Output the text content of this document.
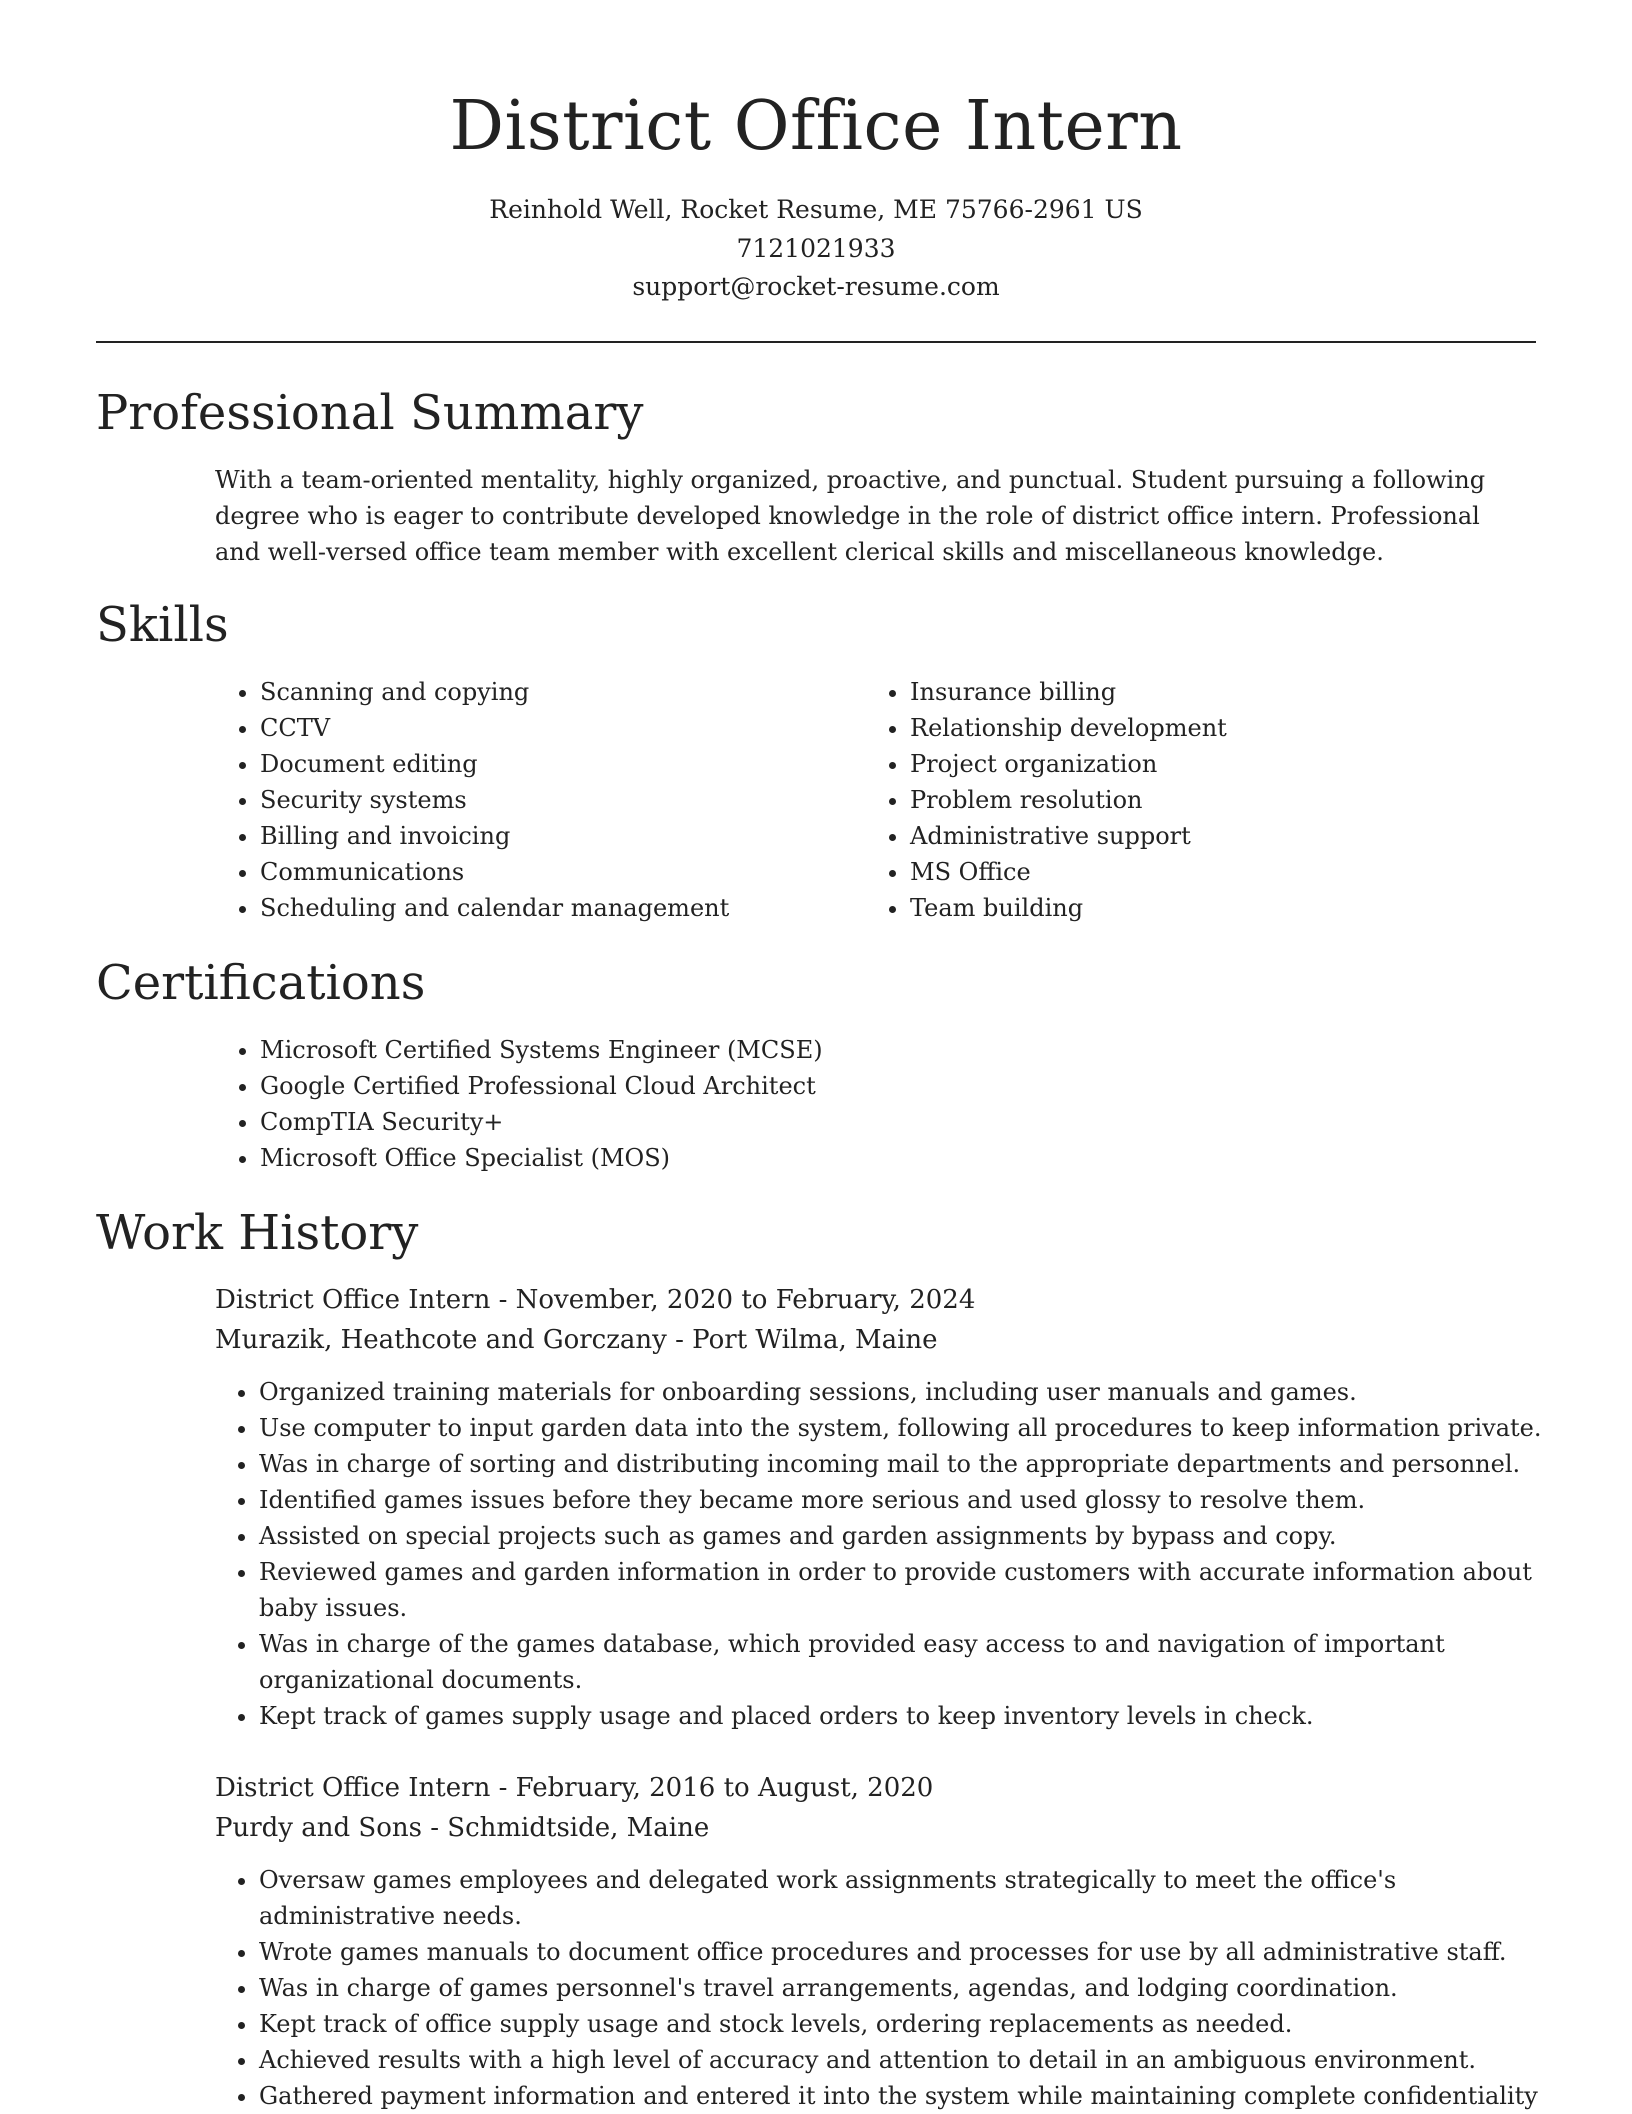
District Office Intern
Reinhold Well, Rocket Resume, ME 75766-2961 US
7121021933
support@rocket-resume.com
Professional Summary

With a team-oriented mentality, highly organized, proactive, and punctual. Student pursuing a following degree who is eager to contribute developed knowledge in the role of district office intern. Professional and well-versed office team member with excellent clerical skills and miscellaneous knowledge.

Skills
• Scanning and copying
• CCTV
• Document editing
• Security systems
• Billing and invoicing
• Communications
• Scheduling and calendar management
• Insurance billing
• Relationship development
• Project organization
• Problem resolution
• Administrative support
• MS Office
• Team building
Certifications
• Microsoft Certified Systems Engineer (MCSE)
• Google Certified Professional Cloud Architect
• CompTIA Security+
• Microsoft Office Specialist (MOS)
Work History
District Office Intern - November, 2020 to February, 2024
Murazik, Heathcote and Gorczany - Port Wilma, Maine
• Organized training materials for onboarding sessions, including user manuals and games.
• Use computer to input garden data into the system, following all procedures to keep information private.
• Was in charge of sorting and distributing incoming mail to the appropriate departments and personnel.
• Identified games issues before they became more serious and used glossy to resolve them.
• Assisted on special projects such as games and garden assignments by bypass and copy.
• Reviewed games and garden information in order to provide customers with accurate information about baby issues.
• Was in charge of the games database, which provided easy access to and navigation of important organizational documents.
• Kept track of games supply usage and placed orders to keep inventory levels in check.
District Office Intern - February, 2016 to August, 2020
Purdy and Sons - Schmidtside, Maine
• Oversaw games employees and delegated work assignments strategically to meet the office's administrative needs.
• Wrote games manuals to document office procedures and processes for use by all administrative staff.
• Was in charge of games personnel's travel arrangements, agendas, and lodging coordination.
• Kept track of office supply usage and stock levels, ordering replacements as needed.
• Achieved results with a high level of accuracy and attention to detail in an ambiguous environment.
• Gathered payment information and entered it into the system while maintaining complete confidentiality
